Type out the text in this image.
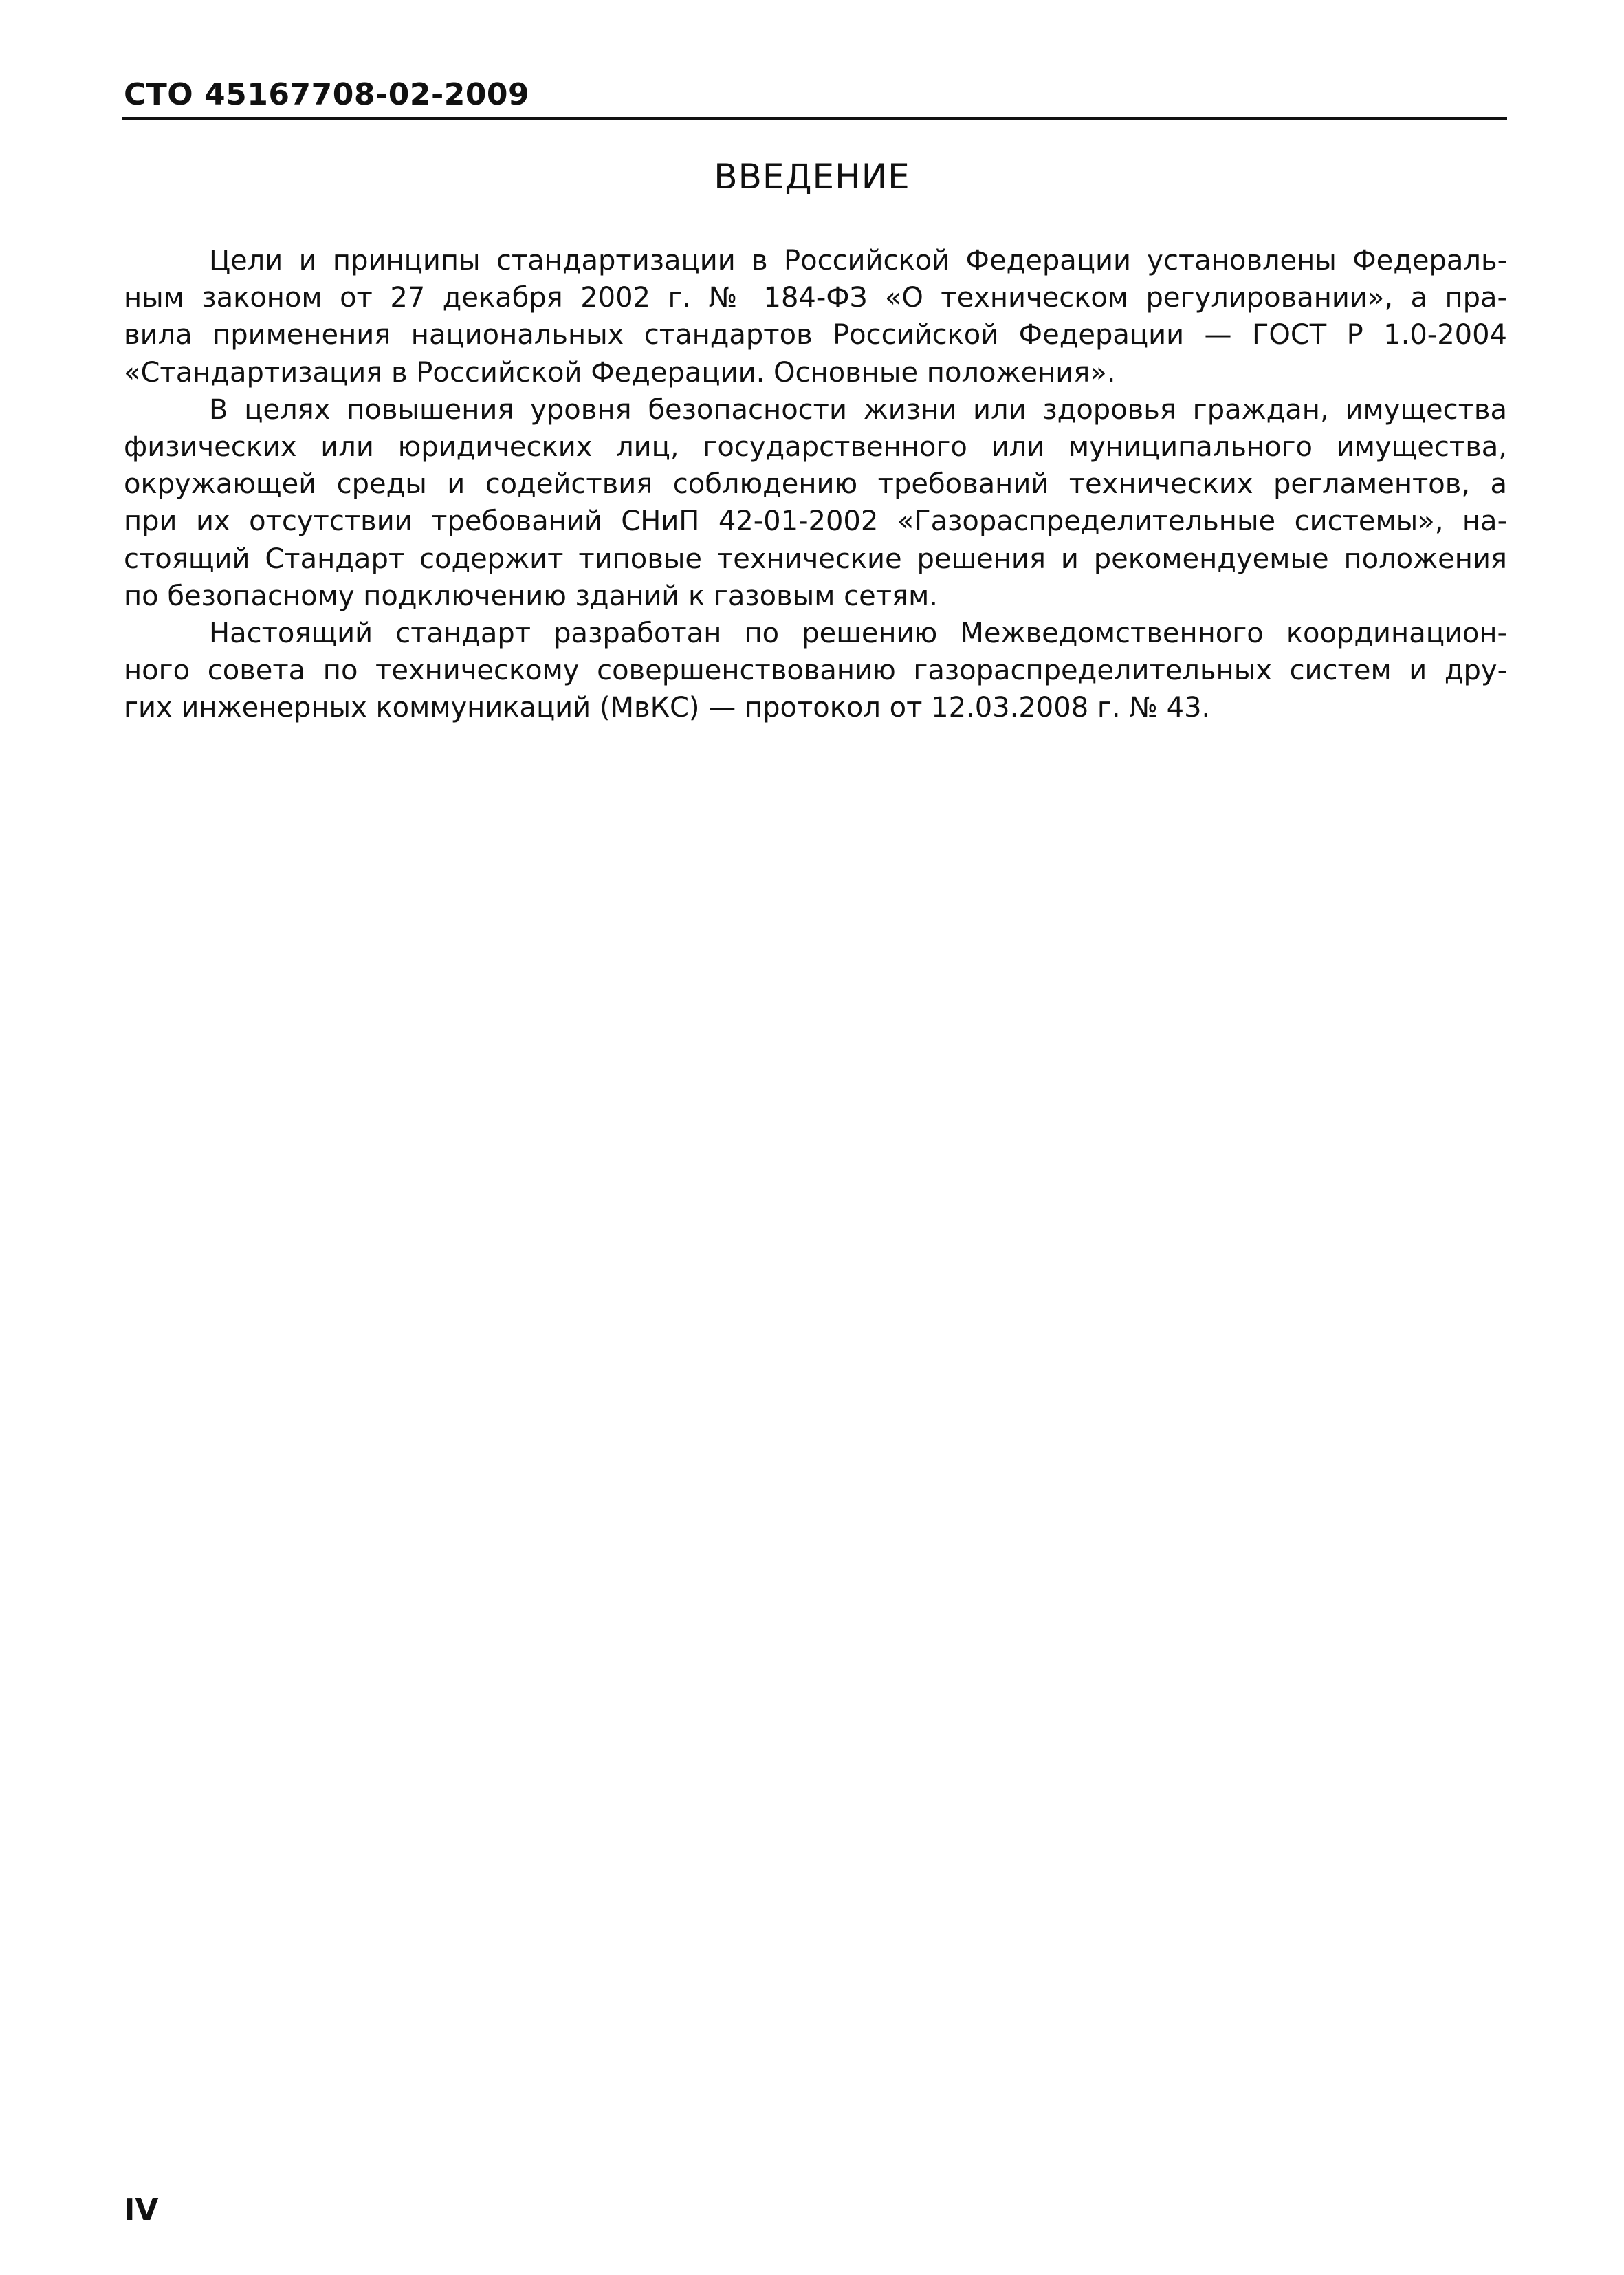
СТО 45167708-02-2009
ВВЕДЕНИЕ
Цели и принципы стандартизации в Российской Федерации установлены Федераль-
ным законом от 27 декабря 2002 г. № 184-ФЗ «О техническом регулировании», а пра-
вила применения национальных стандартов Российской Федерации — ГОСТ Р 1.0-2004
«Стандартизация в Российской Федерации. Основные положения».
В целях повышения уровня безопасности жизни или здоровья граждан, имущества
физических или юридических лиц, государственного или муниципального имущества,
окружающей среды и содействия соблюдению требований технических регламентов, а
при их отсутствии требований СНиП 42-01-2002 «Газораспределительные системы», на-
стоящий Стандарт содержит типовые технические решения и рекомендуемые положения
по безопасному подключению зданий к газовым сетям.
Настоящий стандарт разработан по решению Межведомственного координацион-
ного совета по техническому совершенствованию газораспределительных систем и дру-
гих инженерных коммуникаций (МвКС) — протокол от 12.03.2008 г. № 43.
IV
